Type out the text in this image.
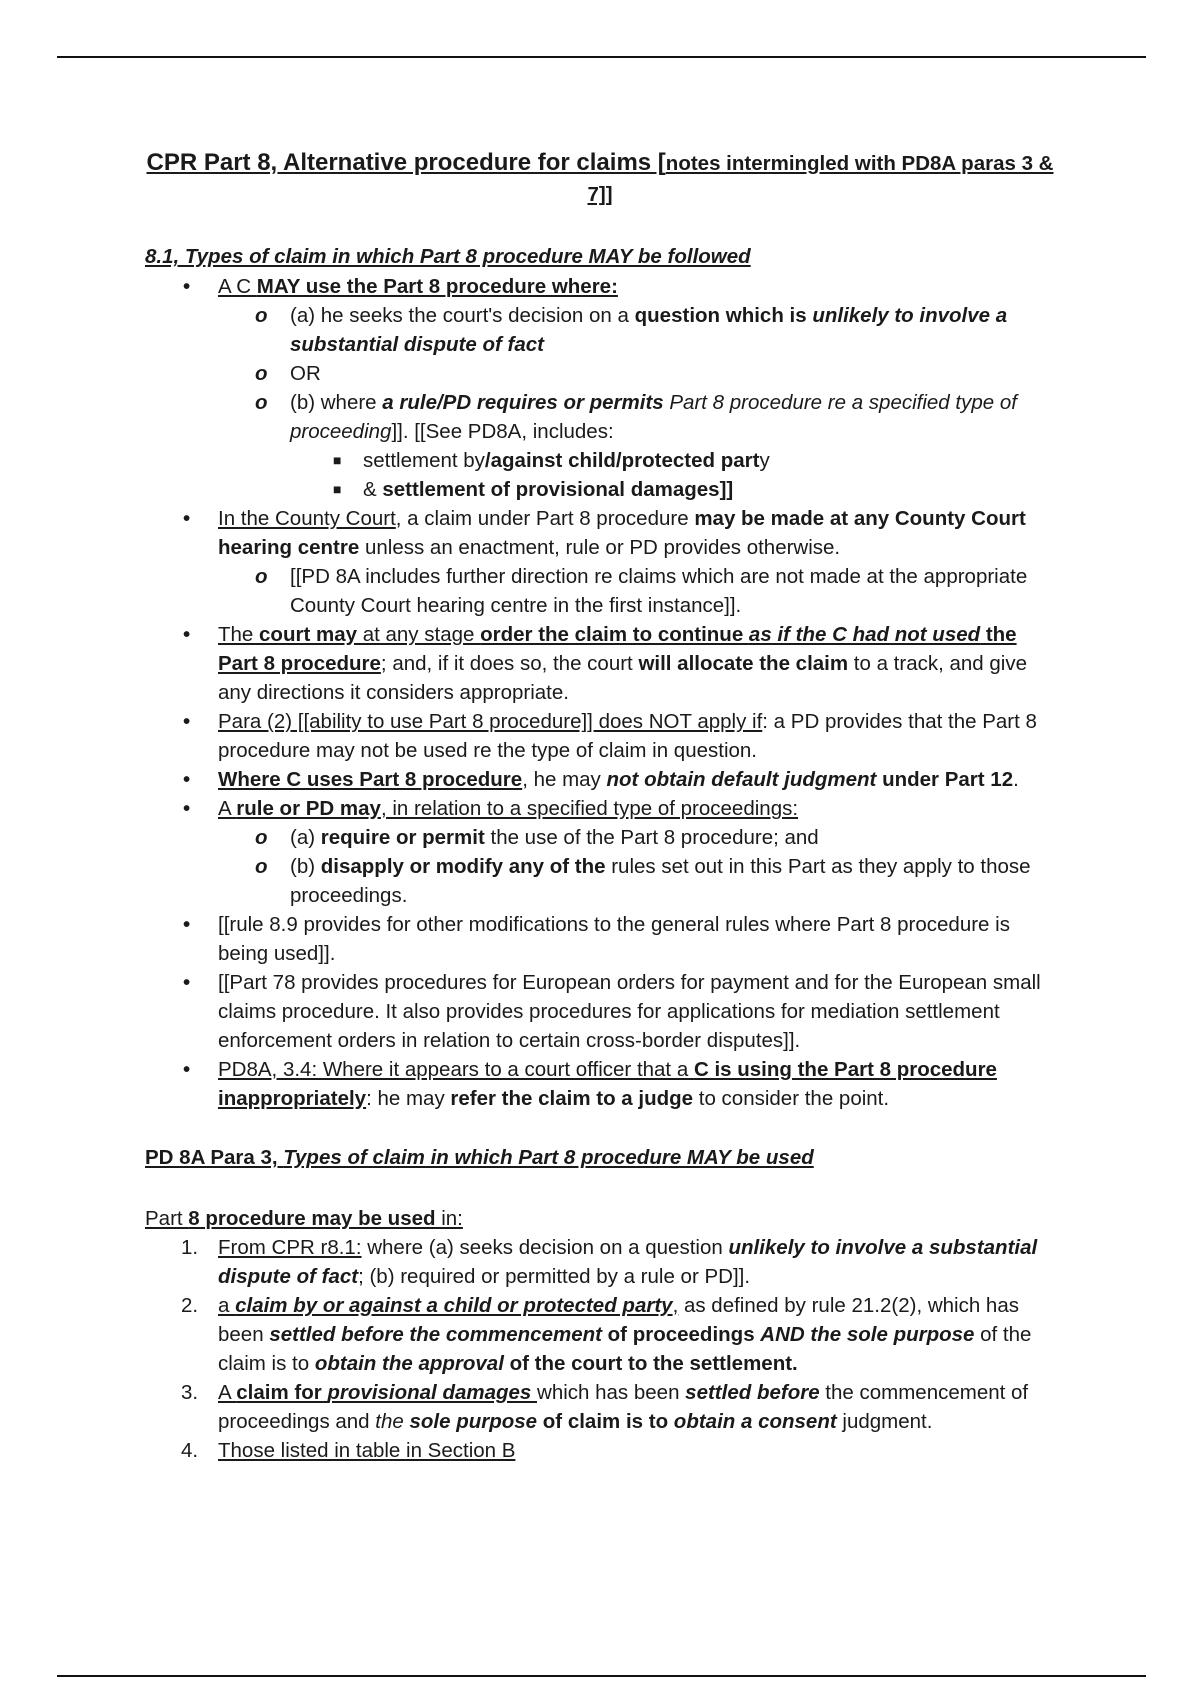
CPR Part 8, Alternative procedure for claims [notes intermingled with PD8A paras 3 & 7]]
8.1, Types of claim in which Part 8 procedure MAY be followed
• A C MAY use the Part 8 procedure where:
o (a) he seeks the court's decision on a question which is unlikely to involve a substantial dispute of fact
o OR
o (b) where a rule/PD requires or permits Part 8 procedure re a specified type of proceeding]]. [[See PD8A, includes:
■ settlement by/against child/protected party
■ & settlement of provisional damages]]
• In the County Court, a claim under Part 8 procedure may be made at any County Court hearing centre unless an enactment, rule or PD provides otherwise.
o [[PD 8A includes further direction re claims which are not made at the appropriate County Court hearing centre in the first instance]].
• The court may at any stage order the claim to continue as if the C had not used the Part 8 procedure; and, if it does so, the court will allocate the claim to a track, and give any directions it considers appropriate.
• Para (2) [[ability to use Part 8 procedure]] does NOT apply if: a PD provides that the Part 8 procedure may not be used re the type of claim in question.
• Where C uses Part 8 procedure, he may not obtain default judgment under Part 12.
• A rule or PD may, in relation to a specified type of proceedings:
o (a) require or permit the use of the Part 8 procedure; and
o (b) disapply or modify any of the rules set out in this Part as they apply to those proceedings.
• [[rule 8.9 provides for other modifications to the general rules where Part 8 procedure is being used]].
• [[Part 78 provides procedures for European orders for payment and for the European small claims procedure. It also provides procedures for applications for mediation settlement enforcement orders in relation to certain cross-border disputes]].
• PD8A, 3.4: Where it appears to a court officer that a C is using the Part 8 procedure inappropriately: he may refer the claim to a judge to consider the point.
PD 8A Para 3, Types of claim in which Part 8 procedure MAY be used
Part 8 procedure may be used in:
1. From CPR r8.1: where (a) seeks decision on a question unlikely to involve a substantial dispute of fact; (b) required or permitted by a rule or PD]].
2. a claim by or against a child or protected party, as defined by rule 21.2(2), which has been settled before the commencement of proceedings AND the sole purpose of the claim is to obtain the approval of the court to the settlement.
3. A claim for provisional damages which has been settled before the commencement of proceedings and the sole purpose of claim is to obtain a consent judgment.
4. Those listed in table in Section B
